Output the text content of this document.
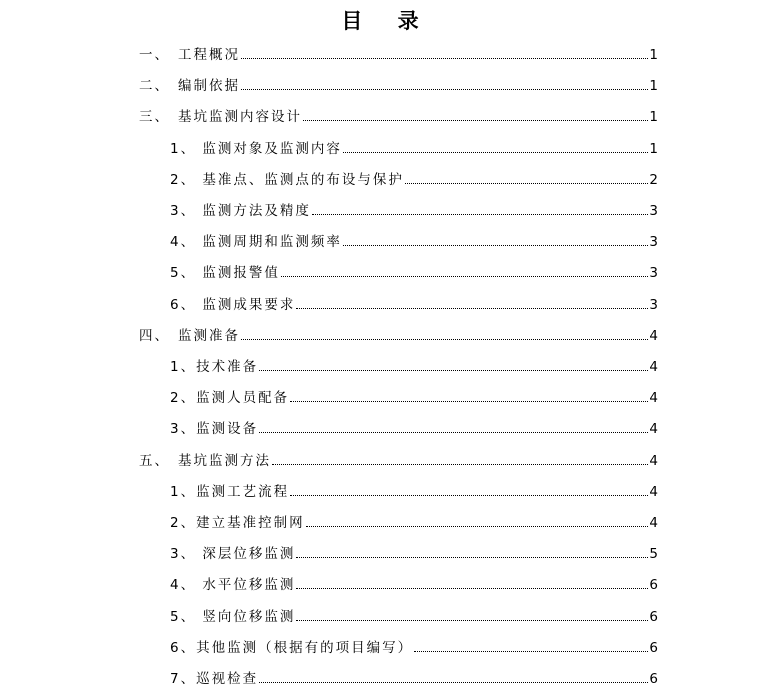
目 录
一、 工程概况	1
二、 编制依据	1
三、 基坑监测内容设计	1
1、 监测对象及监测内容	1
2、 基准点、监测点的布设与保护	2
3、 监测方法及精度	3
4、 监测周期和监测频率	3
5、 监测报警值	3
6、 监测成果要求	3
四、 监测准备	4
1、 技术准备	4
2、 监测人员配备	4
3、 监测设备	4
五、 基坑监测方法	4
1、 监测工艺流程	4
2、 建立基准控制网	4
3、 深层位移监测	5
4、 水平位移监测	6
5、 竖向位移监测	6
6、 其他监测（根据有的项目编写）	6
7、 巡视检查	6
